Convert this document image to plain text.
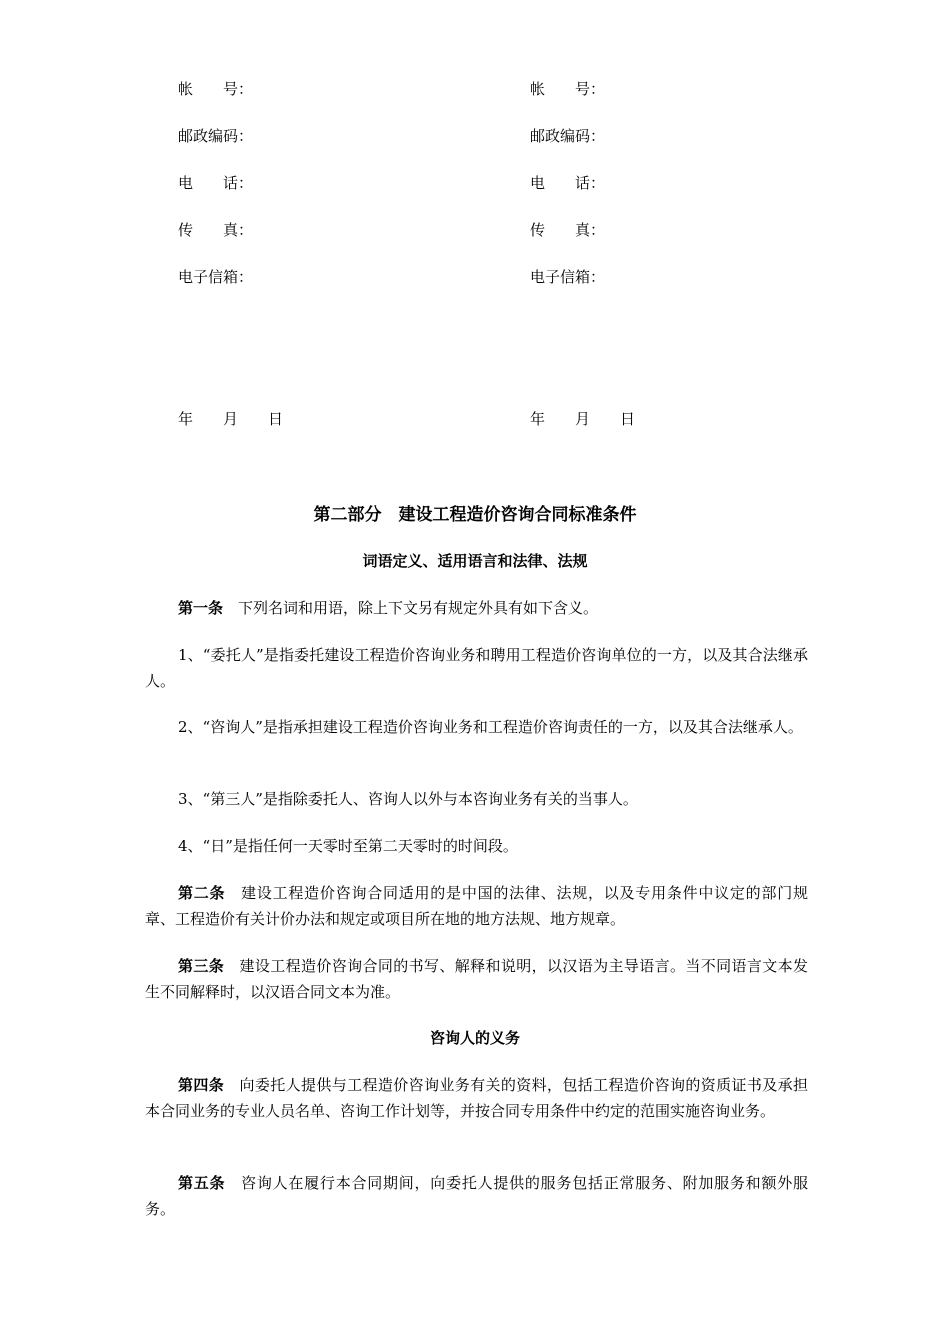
帐　　号：
邮政编码：
电　　话：
传　　真：
电子信箱：
年　　月　　日
帐　　号：
邮政编码：
电　　话：
传　　真：
电子信箱：
年　　月　　日
第二部分　建设工程造价咨询合同标准条件
词语定义、适用语言和法律、法规
第一条　下列名词和用语，除上下文另有规定外具有如下含义。
1、“委托人”是指委托建设工程造价咨询业务和聘用工程造价咨询单位的一方，以及其合法继承人。
2、“咨询人”是指承担建设工程造价咨询业务和工程造价咨询责任的一方，以及其合法继承人。
3、“第三人”是指除委托人、咨询人以外与本咨询业务有关的当事人。
4、“日”是指任何一天零时至第二天零时的时间段。
第二条　建设工程造价咨询合同适用的是中国的法律、法规，以及专用条件中议定的部门规章、工程造价有关计价办法和规定或项目所在地的地方法规、地方规章。
第三条　建设工程造价咨询合同的书写、解释和说明，以汉语为主导语言。当不同语言文本发生不同解释时，以汉语合同文本为准。
咨询人的义务
第四条　向委托人提供与工程造价咨询业务有关的资料，包括工程造价咨询的资质证书及承担本合同业务的专业人员名单、咨询工作计划等，并按合同专用条件中约定的范围实施咨询业务。
第五条　咨询人在履行本合同期间，向委托人提供的服务包括正常服务、附加服务和额外服务。
